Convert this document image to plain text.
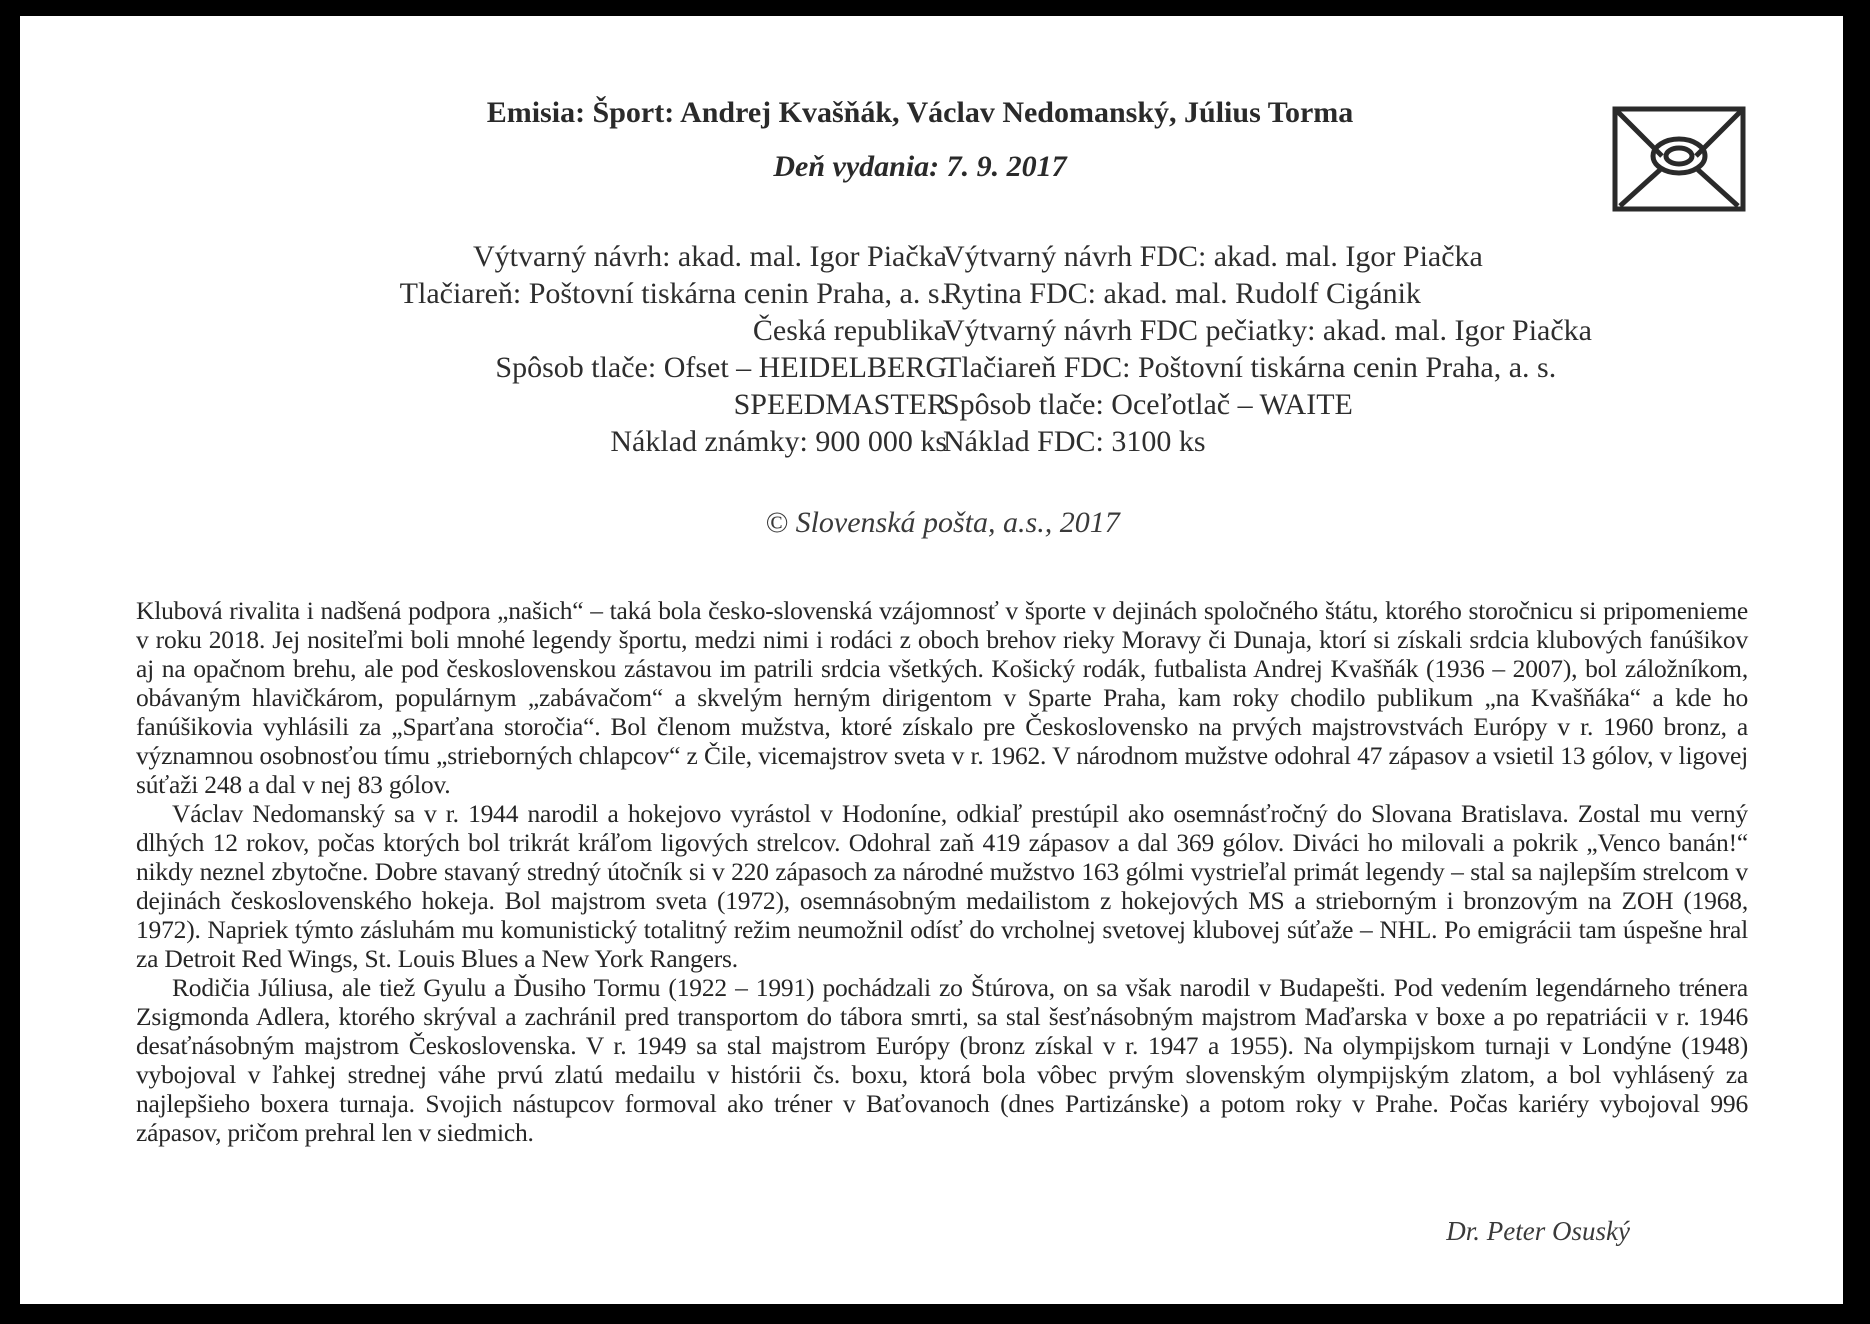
Emisia: Šport: Andrej Kvašňák, Václav Nedomanský, Július Torma
Deň vydania: 7. 9. 2017
Výtvarný návrh: akad. mal. Igor Piačka
Tlačiareň: Poštovní tiskárna cenin Praha, a. s.
Česká republika
Spôsob tlače: Ofset – HEIDELBERG
SPEEDMASTER
Náklad známky: 900 000 ks
Výtvarný návrh FDC: akad. mal. Igor Piačka
Rytina FDC: akad. mal. Rudolf Cigánik
Výtvarný návrh FDC pečiatky: akad. mal. Igor Piačka
Tlačiareň FDC: Poštovní tiskárna cenin Praha, a. s.
Spôsob tlače: Oceľotlač – WAITE
Náklad FDC: 3100 ks
© Slovenská pošta, a.s., 2017

Klubová rivalita i nadšená podpora „našich“ – taká bola česko-slovenská vzájomnosť v športe v dejinách spoločného štátu, ktorého storočnicu si pripomenieme v roku 2018. Jej nositeľmi boli mnohé legendy športu, medzi nimi i rodáci z oboch brehov rieky Moravy či Dunaja, ktorí si získali srdcia klubových fanúšikov aj na opačnom brehu, ale pod československou zástavou im patrili srdcia všetkých. Košický rodák, futbalista Andrej Kvašňák (1936 – 2007), bol záložníkom, obávaným hlavičkárom, populárnym „zabávačom“ a skvelým herným dirigentom v Sparte Praha, kam roky chodilo publikum „na Kvašňáka“ a kde ho fanúšikovia vyhlásili za „Sparťana storočia“. Bol členom mužstva, ktoré získalo pre Československo na prvých majstrovstvách Európy v r. 1960 bronz, a významnou osobnosťou tímu „strieborných chlapcov“ z Čile, vicemajstrov sveta v r. 1962. V národnom mužstve odohral 47 zápasov a vsietil 13 gólov, v ligovej súťaži 248 a dal v nej 83 gólov.

Václav Nedomanský sa v r. 1944 narodil a hokejovo vyrástol v Hodoníne, odkiaľ prestúpil ako osemnásťročný do Slovana Bratislava. Zostal mu verný dlhých 12 rokov, počas ktorých bol trikrát kráľom ligových strelcov. Odohral zaň 419 zápasov a dal 369 gólov. Diváci ho milovali a pokrik „Venco banán!“ nikdy neznel zbytočne. Dobre stavaný stredný útočník si v 220 zápasoch za národné mužstvo 163 gólmi vystrieľal primát legendy – stal sa najlepším strelcom v dejinách československého hokeja. Bol majstrom sveta (1972), osemnásobným medailistom z hokejových MS a strieborným i bronzovým na ZOH (1968, 1972). Napriek týmto zásluhám mu komunistický totalitný režim neumožnil odísť do vrcholnej svetovej klubovej súťaže – NHL. Po emigrácii tam úspešne hral za Detroit Red Wings, St. Louis Blues a New York Rangers.

Rodičia Júliusa, ale tiež Gyulu a Ďusiho Tormu (1922 – 1991) pochádzali zo Štúrova, on sa však narodil v Budapešti. Pod vedením legendárneho trénera Zsigmonda Adlera, ktorého skrýval a zachránil pred transportom do tábora smrti, sa stal šesťnásobným majstrom Maďarska v boxe a po repatriácii v r. 1946 desaťnásobným majstrom Československa. V r. 1949 sa stal majstrom Európy (bronz získal v r. 1947 a 1955). Na olympijskom turnaji v Londýne (1948) vybojoval v ľahkej strednej váhe prvú zlatú medailu v histórii čs. boxu, ktorá bola vôbec prvým slovenským olympijským zlatom, a bol vyhlásený za najlepšieho boxera turnaja. Svojich nástupcov formoval ako tréner v Baťovanoch (dnes Partizánske) a potom roky v Prahe. Počas kariéry vybojoval 996 zápasov, pričom prehral len v siedmich.

Dr. Peter Osuský
